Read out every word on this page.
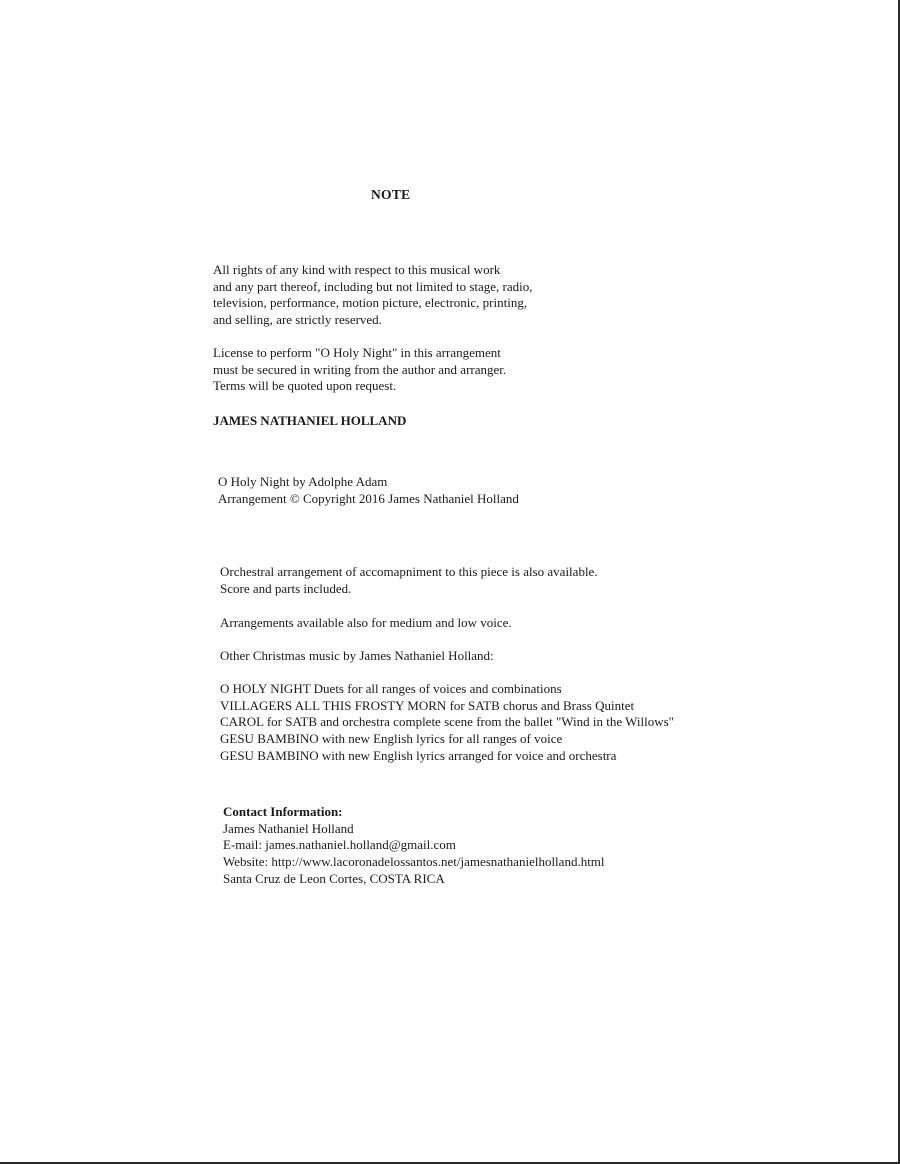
NOTE
All rights of any kind with respect to this musical work
and any part thereof, including but not limited to stage, radio,
television, performance, motion picture, electronic, printing,
and selling, are strictly reserved.
License to perform "O Holy Night" in this arrangement
must be secured in writing from the author and arranger.
Terms will be quoted upon request.
JAMES NATHANIEL HOLLAND
O Holy Night by Adolphe Adam
Arrangement © Copyright 2016 James Nathaniel Holland
Orchestral arrangement of accomapniment to this piece is also available.
Score and parts included.
Arrangements available also for medium and low voice.
Other Christmas music by James Nathaniel Holland:
O HOLY NIGHT Duets for all ranges of voices and combinations
VILLAGERS ALL THIS FROSTY MORN for SATB chorus and Brass Quintet
CAROL for SATB and orchestra complete scene from the ballet "Wind in the Willows"
GESU BAMBINO with new English lyrics for all ranges of voice
GESU BAMBINO with new English lyrics arranged for voice and orchestra
Contact Information:
James Nathaniel Holland
E-mail: james.nathaniel.holland@gmail.com
Website: http://www.lacoronadelossantos.net/jamesnathanielholland.html
Santa Cruz de Leon Cortes, COSTA RICA
